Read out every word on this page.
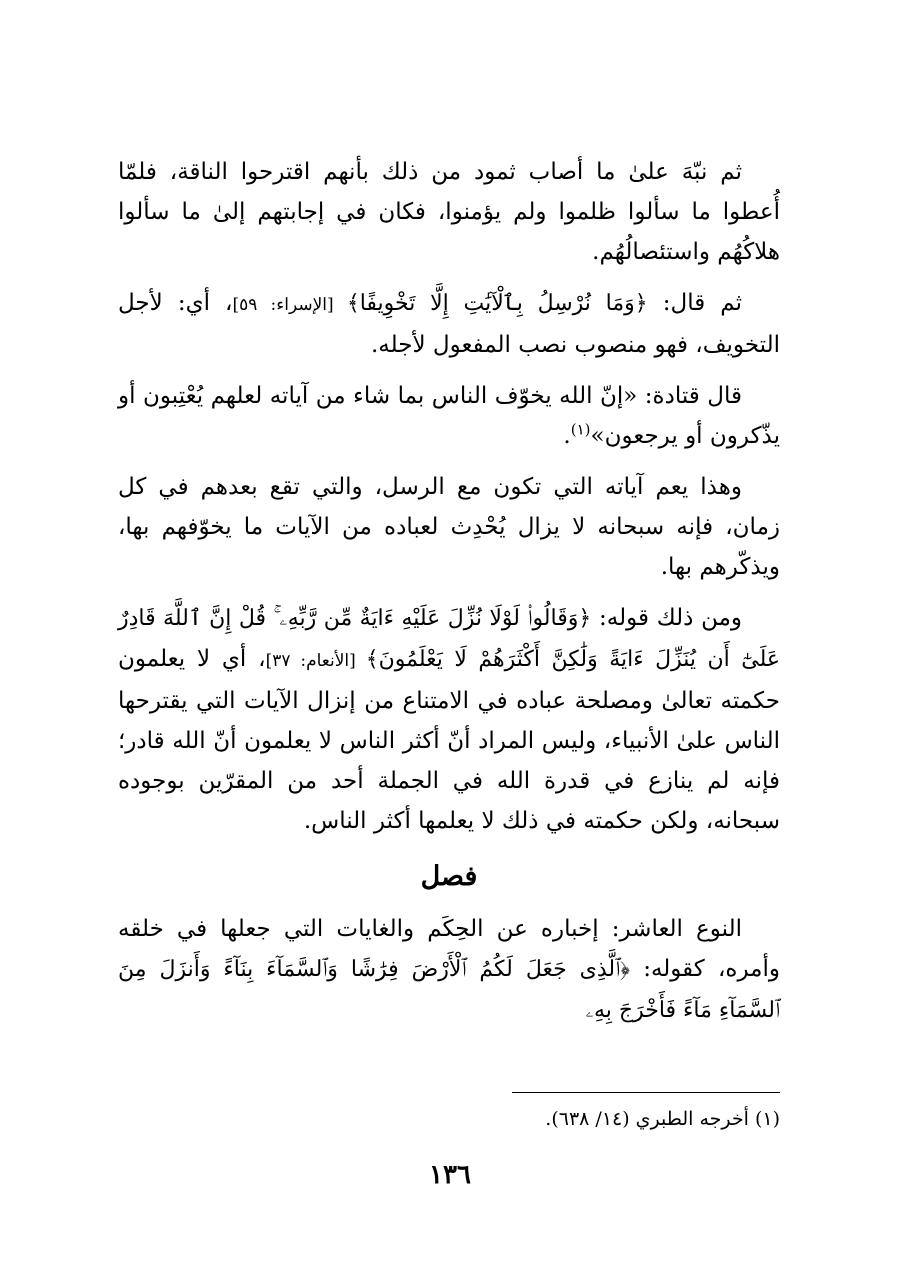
ثم نبّهَ علىٰ ما أصاب ثمود من ذلك بأنهم اقترحوا الناقة، فلمّا أُعطوا ما سألوا ظلموا ولم يؤمنوا، فكان في إجابتهم إلىٰ ما سألوا هلاكُهُم واستئصالُهُم.

ثم قال: ﴿وَمَا نُرْسِلُ بِٱلْآيَٰتِ إِلَّا تَخْوِيفًا﴾ [الإسراء: ٥٩]، أي: لأجل التخويف، فهو منصوب نصب المفعول لأجله.

قال قتادة: «إنّ الله يخوّف الناس بما شاء من آياته لعلهم يُعْتِبون أو يذّكرون أو يرجعون»$^{(١)}$.

وهذا يعم آياته التي تكون مع الرسل، والتي تقع بعدهم في كل زمان، فإنه سبحانه لا يزال يُحْدِث لعباده من الآيات ما يخوّفهم بها، ويذكّرهم بها.

ومن ذلك قوله: ﴿وَقَالُوا۟ لَوْلَا نُزِّلَ عَلَيْهِ ءَايَةٌ مِّن رَّبِّهِۦ ۚ قُلْ إِنَّ ٱللَّهَ قَادِرٌ عَلَىٰٓ أَن يُنَزِّلَ ءَايَةً وَلَٰكِنَّ أَكْثَرَهُمْ لَا يَعْلَمُونَ﴾ [الأنعام: ٣٧]، أي لا يعلمون حكمته تعالىٰ ومصلحة عباده في الامتناع من إنزال الآيات التي يقترحها الناس علىٰ الأنبياء، وليس المراد أنّ أكثر الناس لا يعلمون أنّ الله قادر؛ فإنه لم ينازع في قدرة الله في الجملة أحد من المقرّين بوجوده سبحانه، ولكن حكمته في ذلك لا يعلمها أكثر الناس.

فصل

النوع العاشر: إخباره عن الحِكَم والغايات التي جعلها في خلقه وأمره، كقوله: ﴿ٱلَّذِى جَعَلَ لَكُمُ ٱلْأَرْضَ فِرَٰشًا وَٱلسَّمَآءَ بِنَآءً وَأَنزَلَ مِنَ ٱلسَّمَآءِ مَآءً فَأَخْرَجَ بِهِۦ

(١) أخرجه الطبري (١٤/ ٦٣٨).
١٣٦
